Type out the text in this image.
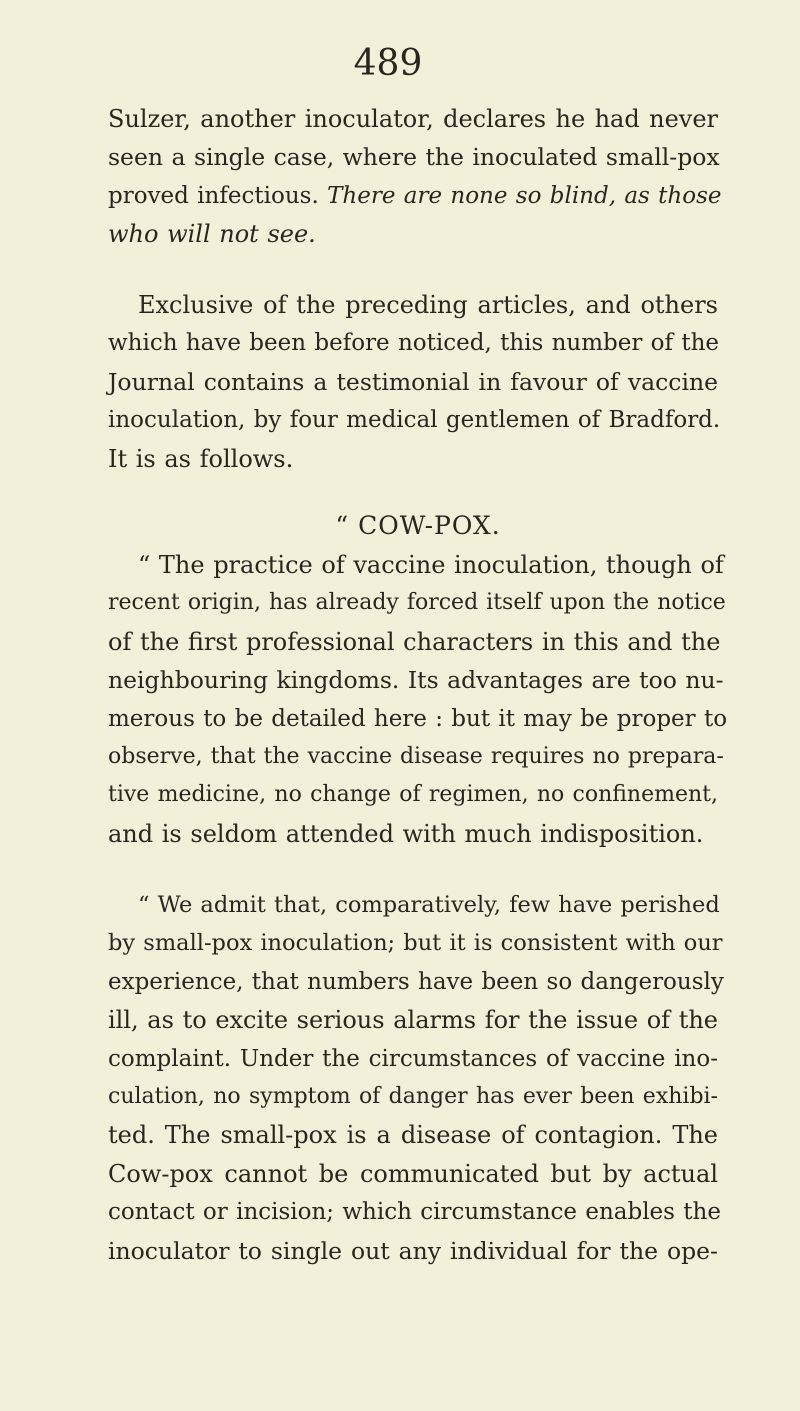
489
Sulzer, another inoculator, declares he had never
seen a single case, where the inoculated small-pox
proved infectious. There are none so blind, as those
who will not see.
Exclusive of the preceding articles, and others
which have been before noticed, this number of the
Journal contains a testimonial in favour of vaccine
inoculation, by four medical gentlemen of Bradford.
It is as follows.
“ COW-POX.
“ The practice of vaccine inoculation, though of
recent origin, has already forced itself upon the notice
of the first professional characters in this and the
neighbouring kingdoms. Its advantages are too nu-
merous to be detailed here : but it may be proper to
observe, that the vaccine disease requires no prepara-
tive medicine, no change of regimen, no confinement,
and is seldom attended with much indisposition.
“ We admit that, comparatively, few have perished
by small-pox inoculation; but it is consistent with our
experience, that numbers have been so dangerously
ill, as to excite serious alarms for the issue of the
complaint. Under the circumstances of vaccine ino-
culation, no symptom of danger has ever been exhibi-
ted. The small-pox is a disease of contagion. The
Cow-pox cannot be communicated but by actual
contact or incision; which circumstance enables the
inoculator to single out any individual for the ope-
